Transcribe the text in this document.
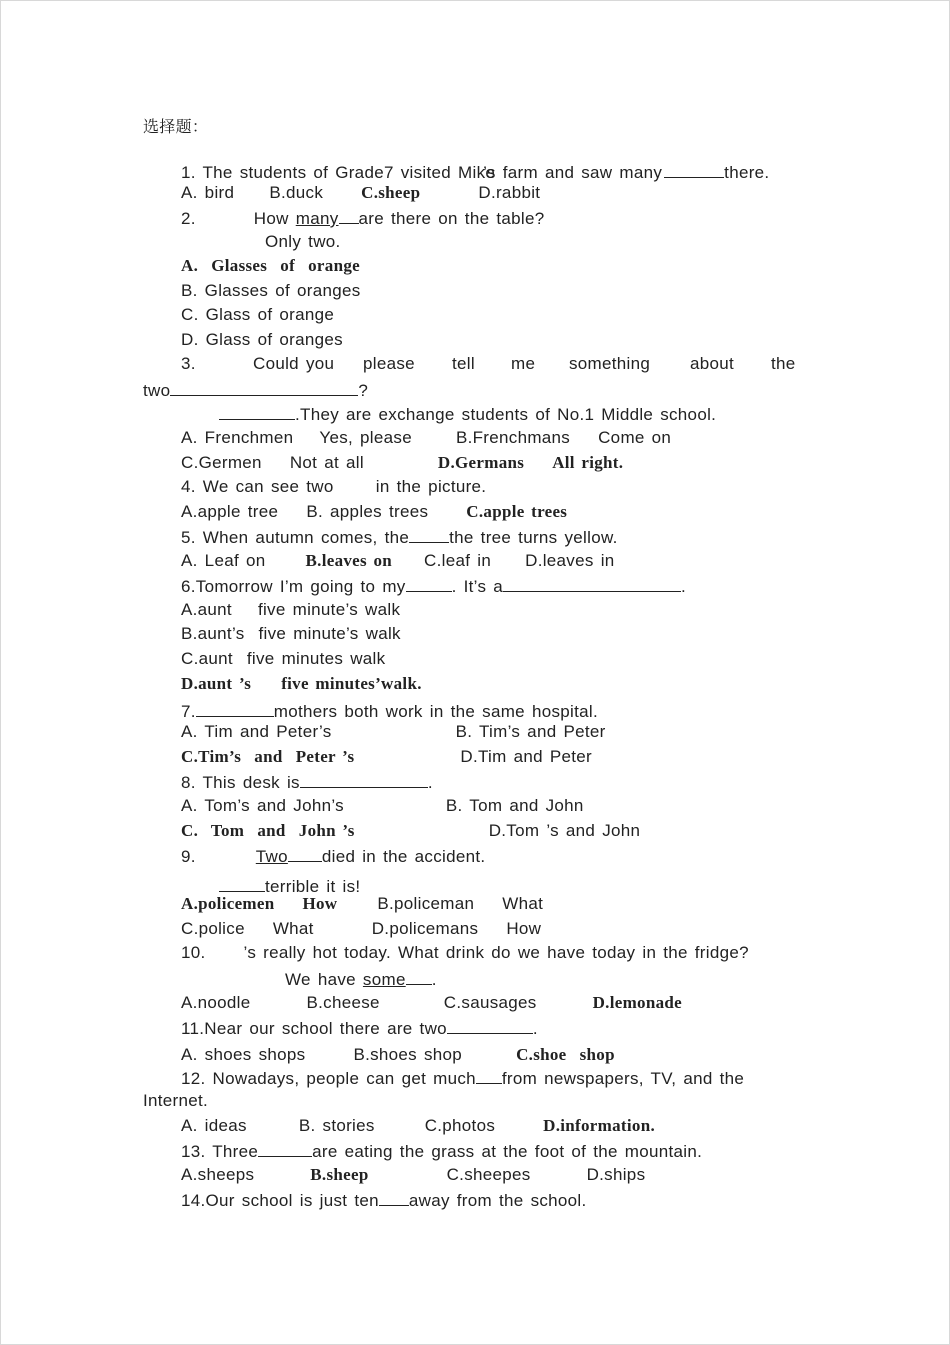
选择题：
1. The students of Grade7 visited Mike’s farm and saw many	there.
A. bird     B.duck C.sheep	D.rabbit
2.	How many are there on the table?
Only two.
A.  Glasses  of  orange
B. Glasses of oranges
C. Glass of orange
D. Glass of oranges
3.	Could you please tell me something about the
two	?
.They are exchange students of No.1 Middle school.
A. Frenchmen Yes, please	B.Frenchmans Come on
C.Germen Not at all	D.Germans All right.
4. We can see two      in the picture.
A.apple tree    B. apples trees C.apple trees
5. When autumn comes, the the tree turns yellow.
A. Leaf on B.leaves on C.leaf in D.leaves in
6.Tomorrow I’m going to my	. It’s a	.
A.aunt five minute’s walk
B.aunt’s five minute’s walk
C.aunt five minutes walk
D.aunt ’s five minutes’walk.
7.	mothers both work in the same hospital.
A. Tim and Peter’s	B. Tim’s and Peter
C.Tim’s  and  Peter ’s	D.Tim and Peter
8. This desk is	.
A. Tom’s and John’s	B. Tom and John
C.  Tom  and  John ’s	D.Tom ’s and John
9.	Two died in the accident.
terrible it is!
A.policemen How B.policeman What
C.police What	D.policemans How
10. ’s really hot today. What drink do we have today in the fridge?
We have some .
A.noodle	B.cheese	C.sausages	D.lemonade
11.Near our school there are two	.
A. shoes shops	B.shoes shop	C.shoe  shop
12. Nowadays, people can get much from newspapers, TV, and the
Internet.
A. ideas	B. stories	C.photos	D.information.
13. Three	are eating the grass at the foot of the mountain.
A.sheeps	B.sheep	C.sheepes	D.ships
14.Our school is just ten away from the school.
